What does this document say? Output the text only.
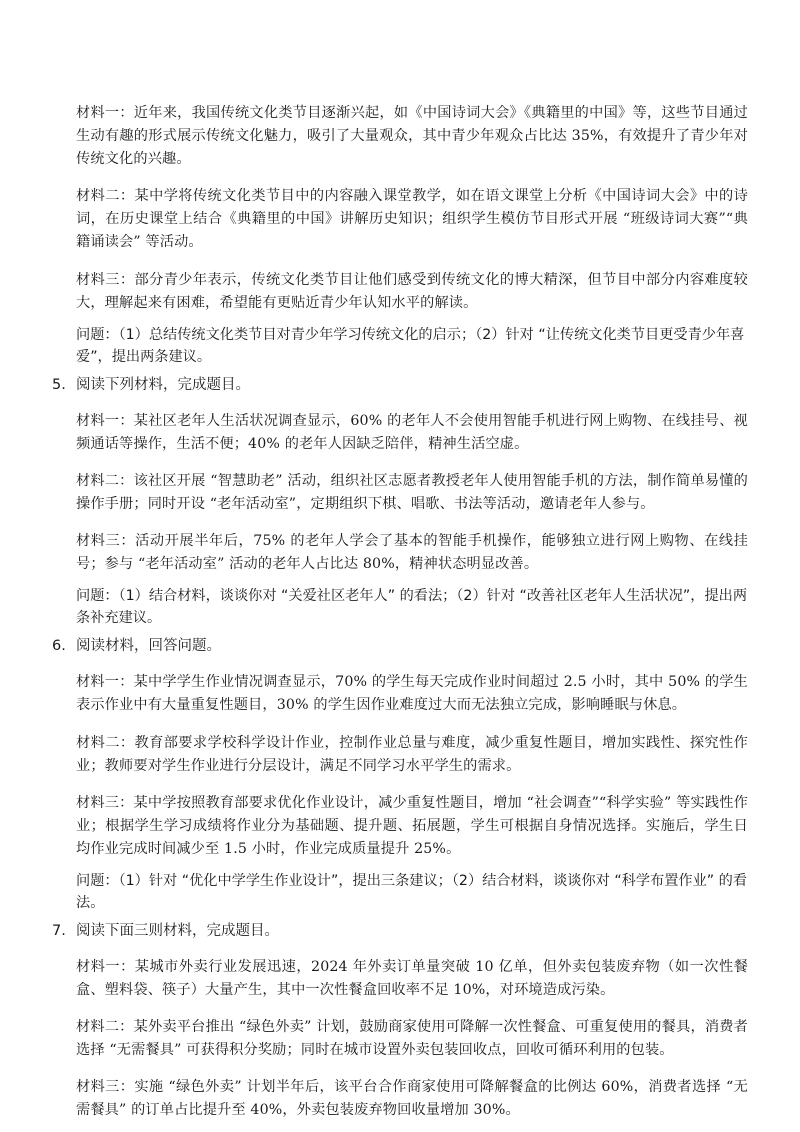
材料一：近年来，我国传统文化类节目逐渐兴起，如《中国诗词大会》《典籍里的中国》等，这些节目通过生动有趣的形式展示传统文化魅力，吸引了大量观众，其中青少年观众占比达 35%，有效提升了青少年对传统文化的兴趣。

材料二：某中学将传统文化类节目中的内容融入课堂教学，如在语文课堂上分析《中国诗词大会》中的诗词，在历史课堂上结合《典籍里的中国》讲解历史知识；组织学生模仿节目形式开展 “班级诗词大赛”“典籍诵读会” 等活动。

材料三：部分青少年表示，传统文化类节目让他们感受到传统文化的博大精深，但节目中部分内容难度较大，理解起来有困难，希望能有更贴近青少年认知水平的解读。

问题：（1）总结传统文化类节目对青少年学习传统文化的启示；（2）针对 “让传统文化类节目更受青少年喜爱”，提出两条建议。

5. 阅读下列材料，完成题目。

材料一：某社区老年人生活状况调查显示，60% 的老年人不会使用智能手机进行网上购物、在线挂号、视频通话等操作，生活不便；40% 的老年人因缺乏陪伴，精神生活空虚。

材料二：该社区开展 “智慧助老” 活动，组织社区志愿者教授老年人使用智能手机的方法，制作简单易懂的操作手册；同时开设 “老年活动室”，定期组织下棋、唱歌、书法等活动，邀请老年人参与。

材料三：活动开展半年后，75% 的老年人学会了基本的智能手机操作，能够独立进行网上购物、在线挂号；参与 “老年活动室” 活动的老年人占比达 80%，精神状态明显改善。

问题：（1）结合材料，谈谈你对 “关爱社区老年人” 的看法；（2）针对 “改善社区老年人生活状况”，提出两条补充建议。

6. 阅读材料，回答问题。

材料一：某中学学生作业情况调查显示，70% 的学生每天完成作业时间超过 2.5 小时，其中 50% 的学生表示作业中有大量重复性题目，30% 的学生因作业难度过大而无法独立完成，影响睡眠与休息。

材料二：教育部要求学校科学设计作业，控制作业总量与难度，减少重复性题目，增加实践性、探究性作业；教师要对学生作业进行分层设计，满足不同学习水平学生的需求。

材料三：某中学按照教育部要求优化作业设计，减少重复性题目，增加 “社会调查”“科学实验” 等实践性作业；根据学生学习成绩将作业分为基础题、提升题、拓展题，学生可根据自身情况选择。实施后，学生日均作业完成时间减少至 1.5 小时，作业完成质量提升 25%。

问题：（1）针对 “优化中学学生作业设计”，提出三条建议；（2）结合材料，谈谈你对 “科学布置作业” 的看法。

7. 阅读下面三则材料，完成题目。

材料一：某城市外卖行业发展迅速，2024 年外卖订单量突破 10 亿单，但外卖包装废弃物（如一次性餐盒、塑料袋、筷子）大量产生，其中一次性餐盒回收率不足 10%，对环境造成污染。

材料二：某外卖平台推出 “绿色外卖” 计划，鼓励商家使用可降解一次性餐盒、可重复使用的餐具，消费者选择 “无需餐具” 可获得积分奖励；同时在城市设置外卖包装回收点，回收可循环利用的包装。

材料三：实施 “绿色外卖” 计划半年后，该平台合作商家使用可降解餐盒的比例达 60%，消费者选择 “无需餐具” 的订单占比提升至 40%，外卖包装废弃物回收量增加 30%。
